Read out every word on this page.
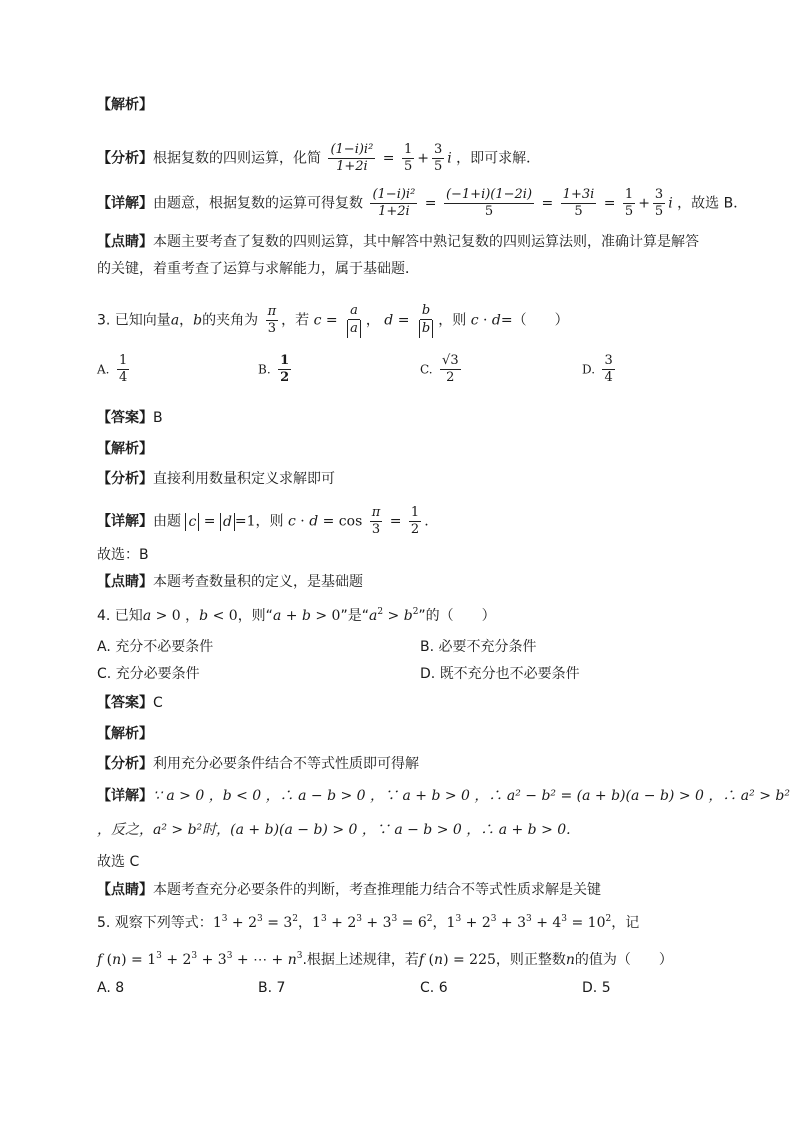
【解析】
【分析】根据复数的四则运算，化简 $\frac{\text{(1−i)i²}}{1+2i} = \frac{1}{5} + \frac{3}{5}$ i ，即可求解．
【详解】由题意，根据复数的运算可得复数 $\frac{\text{(1−i)i²}}{1+2i} = \frac{(-1+i)(1-2i)}{5} = \frac{1+3i}{5} = \frac{1}{5} + \frac{3}{5}$ i ，故选 B．
【点睛】本题主要考查了复数的四则运算，其中解答中熟记复数的四则运算法则，准确计算是解答
的关键，着重考查了运算与求解能力，属于基础题．
3. 已知向量a，b的夹角为 $\frac{\pi}{3}$ ，若 $c = \frac{a}{a}$ ， $d = \frac{b}{b}$ ，则 c · d=（　　）
A. $\frac{1}{4}$	B. $\frac{1}{2}$	C. $\frac{√3}{2}$	D. $\frac{3}{4}$
【答案】B
【解析】
【分析】直接利用数量积定义求解即可
【详解】由题 c = d =1，则 $c \cdot d = \cos \frac{\pi}{3} = \frac{1}{2}$ .
故选：B
【点睛】本题考查数量积的定义，是基础题
4. 已知a > 0 ，b < 0，则“a + b > 0”是“$a^2 > b^2$”的（　　）
A. 充分不必要条件	B. 必要不充分条件
C. 充分必要条件	D. 既不充分也不必要条件
【答案】C
【解析】
【分析】利用充分必要条件结合不等式性质即可得解
【详解】∵ a > 0 ，b < 0 ，∴ a − b > 0 ，∵ a + b > 0 ，∴ a² − b² = (a + b)(a − b) > 0 ，∴ a² > b²
，反之，a² > b²时，(a + b)(a − b) > 0 ，∵ a − b > 0 ，∴ a + b > 0.
故选 C
【点睛】本题考查充分必要条件的判断，考查推理能力结合不等式性质求解是关键
5. 观察下列等式：$1^3 + 2^3 = 3^2$，$1^3 + 2^3 + 3^3 = 6^2$，$1^3 + 2^3 + 3^3 + 4^3 = 10^2$，记
f $(n) = 1^3 + 2^3 + 3^3$ + ⋯ + $n^3$.根据上述规律，若f (n) = 225，则正整数n的值为（　　）
A. 8	B. 7	C. 6	D. 5
